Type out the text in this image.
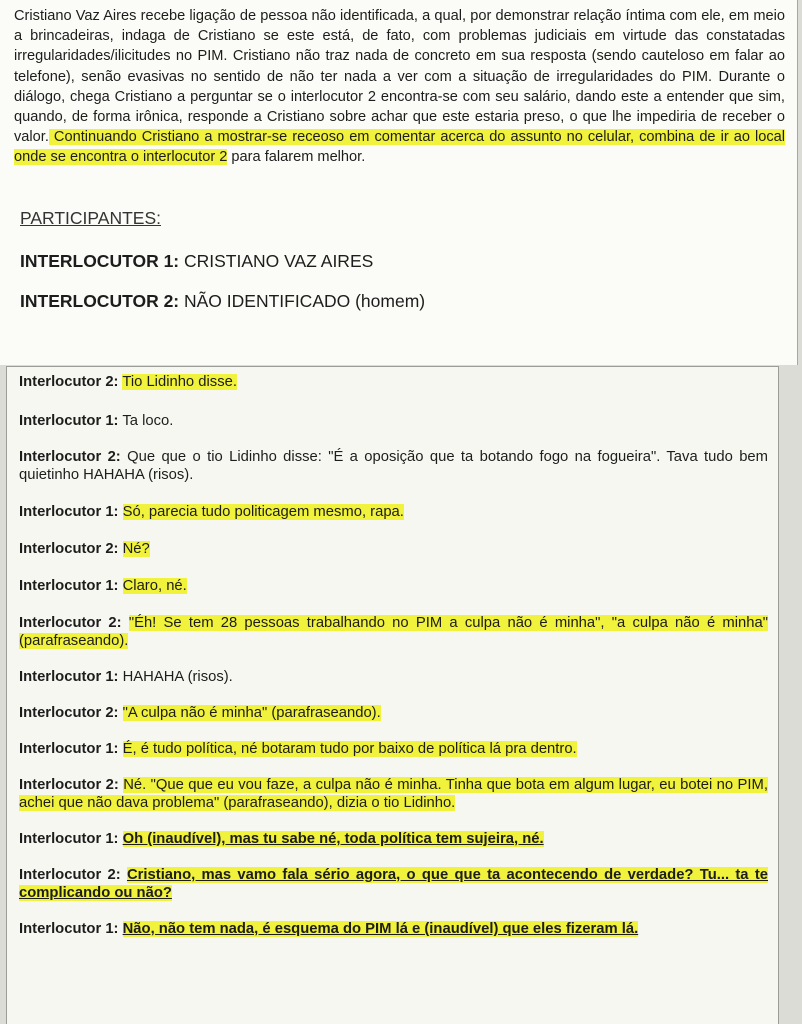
Cristiano Vaz Aires recebe ligação de pessoa não identificada, a qual, por demonstrar relação íntima com ele, em meio a brincadeiras, indaga de Cristiano se este está, de fato, com problemas judiciais em virtude das constatadas irregularidades/ilicitudes no PIM. Cristiano não traz nada de concreto em sua resposta (sendo cauteloso em falar ao telefone), senão evasivas no sentido de não ter nada a ver com a situação de irregularidades do PIM. Durante o diálogo, chega Cristiano a perguntar se o interlocutor 2 encontra-se com seu salário, dando este a entender que sim, quando, de forma irônica, responde a Cristiano sobre achar que este estaria preso, o que lhe impediria de receber o valor. Continuando Cristiano a mostrar-se receoso em comentar acerca do assunto no celular, combina de ir ao local onde se encontra o interlocutor 2 para falarem melhor.

PARTICIPANTES:
INTERLOCUTOR 1: CRISTIANO VAZ AIRES
INTERLOCUTOR 2: NÃO IDENTIFICADO (homem)

Interlocutor 2: Tio Lidinho disse.

Interlocutor 1: Ta loco.

Interlocutor 2: Que que o tio Lidinho disse: "É a oposição que ta botando fogo na fogueira". Tava tudo bem quietinho HAHAHA (risos).

Interlocutor 1: Só, parecia tudo politicagem mesmo, rapa.

Interlocutor 2: Né?

Interlocutor 1: Claro, né.

Interlocutor 2: "Éh! Se tem 28 pessoas trabalhando no PIM a culpa não é minha", "a culpa não é minha" (parafraseando).

Interlocutor 1: HAHAHA (risos).

Interlocutor 2: "A culpa não é minha" (parafraseando).

Interlocutor 1: É, é tudo política, né botaram tudo por baixo de política lá pra dentro.

Interlocutor 2: Né. "Que que eu vou faze, a culpa não é minha. Tinha que bota em algum lugar, eu botei no PIM, achei que não dava problema" (parafraseando), dizia o tio Lidinho.

Interlocutor 1: Oh (inaudível), mas tu sabe né, toda política tem sujeira, né.

Interlocutor 2: Cristiano, mas vamo fala sério agora, o que que ta acontecendo de verdade? Tu... ta te complicando ou não?

Interlocutor 1: Não, não tem nada, é esquema do PIM lá e (inaudível) que eles fizeram lá.
